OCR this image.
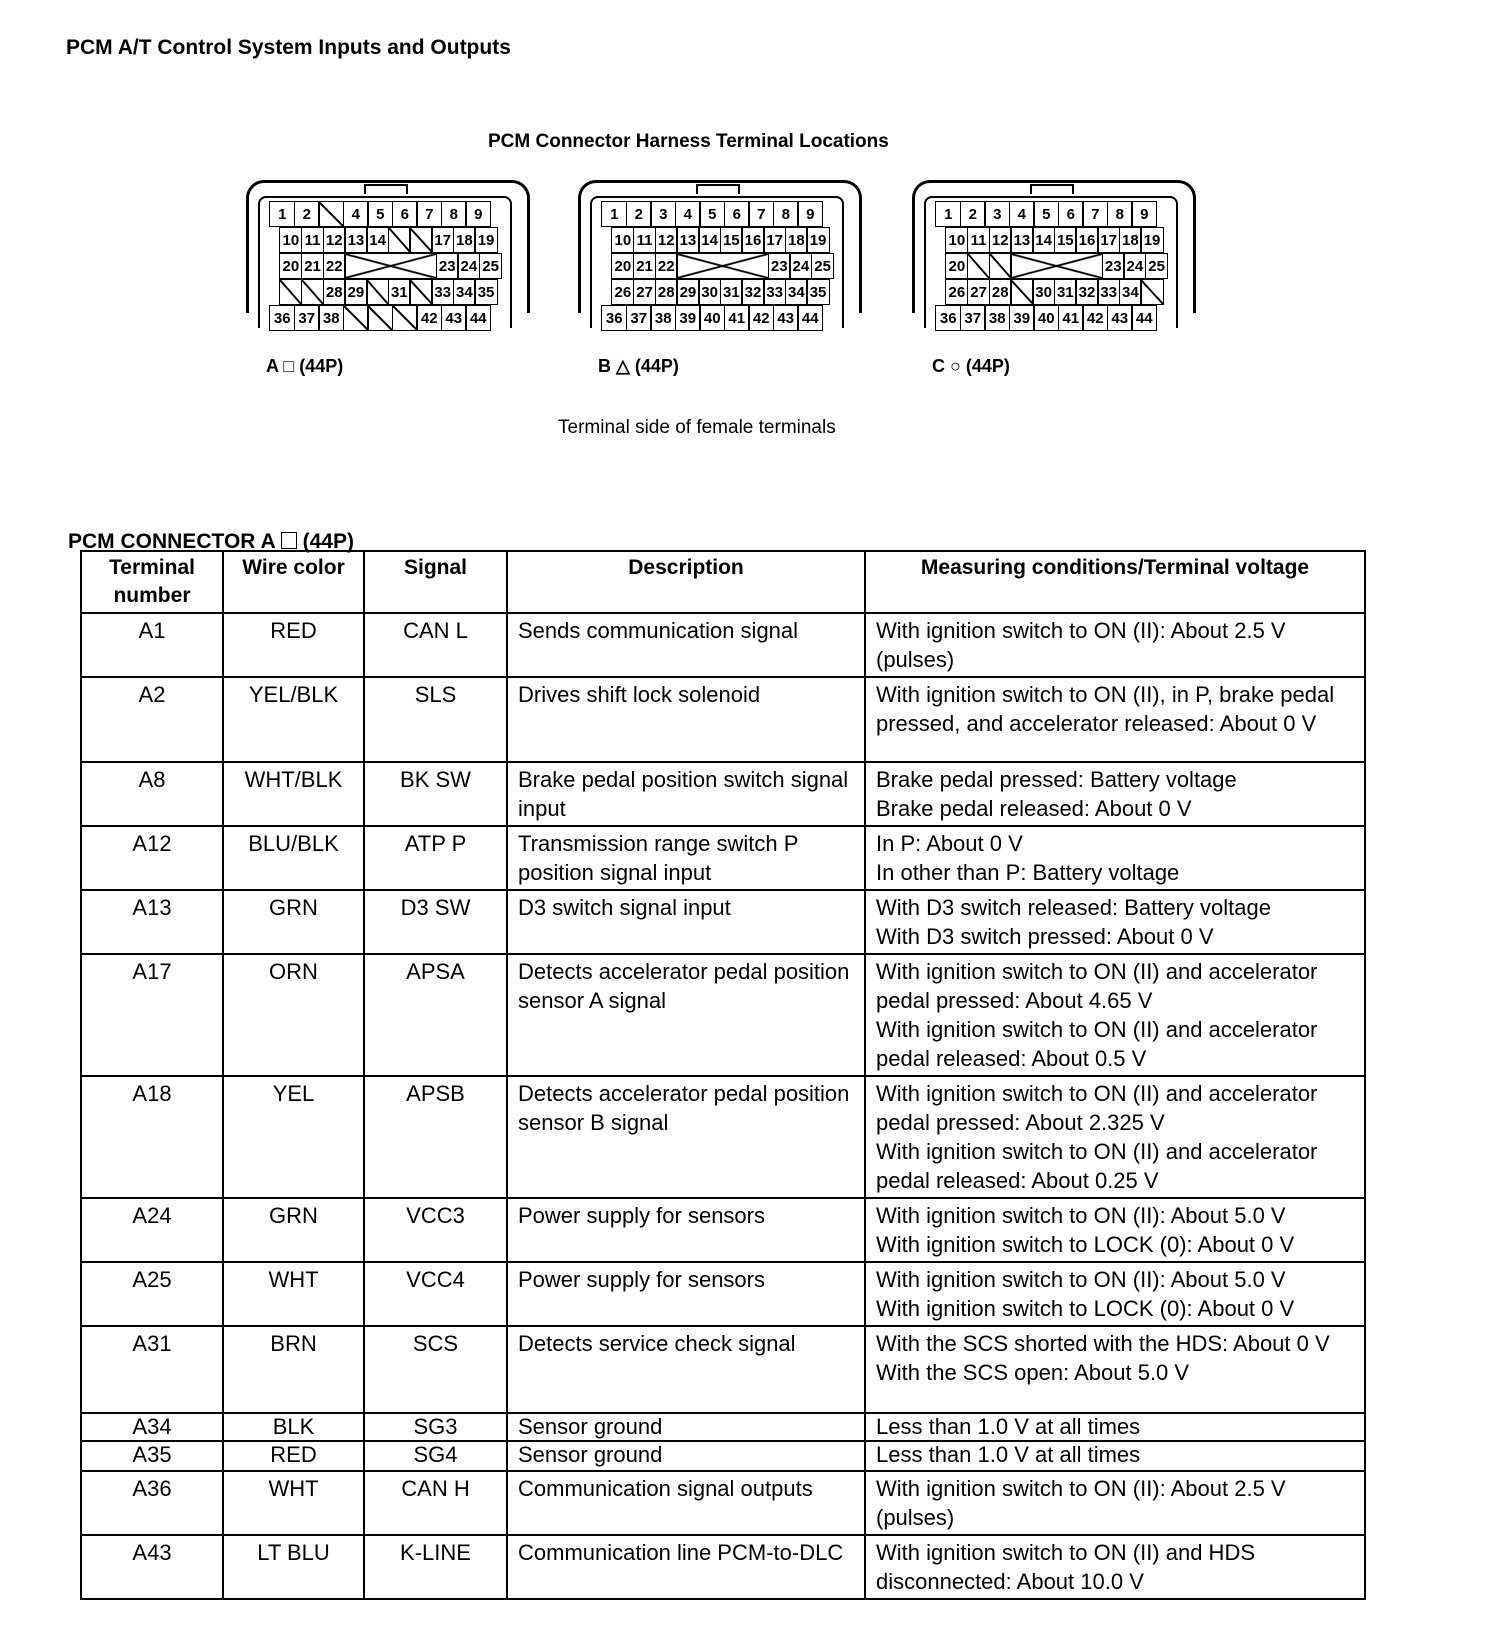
PCM A/T Control System Inputs and Outputs
PCM Connector Harness Terminal Locations
1	2	4	5	6	7	8	9
10 11 12 13 14	17 18 19
20 21 22	23 24 25
28 29 31 33 34 35
36 37 38	42 43 44
A □ (44P)
1	2	3	4	5	6	7	8	9
10 11 12 13 14 15 16 17 18 19
20 21 22	23 24 25
26 27 28 29 30 31 32 33 34 35
36 37 38 39 40 41 42 43 44
B △ (44P)
1	2	3	4	5	6	7	8	9
10 11 12 13 14 15 16 17 18 19
20	23 24 25
26 27 28 30 31 32 33 34
36 37 38 39 40 41 42 43 44
C ○ (44P)
Terminal side of female terminals
PCM CONNECTOR A (44P)
Terminal number	Wire color	Signal	Description	Measuring conditions/Terminal voltage
A1	RED	CAN L	Sends communication signal	With ignition switch to ON (II): About 2.5 V (pulses)
A2	YEL/BLK	SLS	Drives shift lock solenoid	With ignition switch to ON (II), in P, brake pedal pressed, and accelerator released: About 0 V
A8	WHT/BLK	BK SW	Brake pedal position switch signal input	Brake pedal pressed: Battery voltage
Brake pedal released: About 0 V
A12	BLU/BLK	ATP P	Transmission range switch P position signal input	In P: About 0 V
In other than P: Battery voltage
A13	GRN	D3 SW	D3 switch signal input	With D3 switch released: Battery voltage
With D3 switch pressed: About 0 V
A17	ORN	APSA	Detects accelerator pedal position sensor A signal	With ignition switch to ON (II) and accelerator pedal pressed: About 4.65 V
With ignition switch to ON (II) and accelerator pedal released: About 0.5 V
A18	YEL	APSB	Detects accelerator pedal position sensor B signal	With ignition switch to ON (II) and accelerator pedal pressed: About 2.325 V
With ignition switch to ON (II) and accelerator pedal released: About 0.25 V
A24	GRN	VCC3	Power supply for sensors	With ignition switch to ON (II): About 5.0 V
With ignition switch to LOCK (0): About 0 V
A25	WHT	VCC4	Power supply for sensors	With ignition switch to ON (II): About 5.0 V
With ignition switch to LOCK (0): About 0 V
A31	BRN	SCS	Detects service check signal	With the SCS shorted with the HDS: About 0 V
With the SCS open: About 5.0 V
A34	BLK	SG3	Sensor ground	Less than 1.0 V at all times
A35	RED	SG4	Sensor ground	Less than 1.0 V at all times
A36	WHT	CAN H	Communication signal outputs	With ignition switch to ON (II): About 2.5 V (pulses)
A43	LT BLU	K-LINE	Communication line PCM-to-DLC	With ignition switch to ON (II) and HDS disconnected: About 10.0 V
